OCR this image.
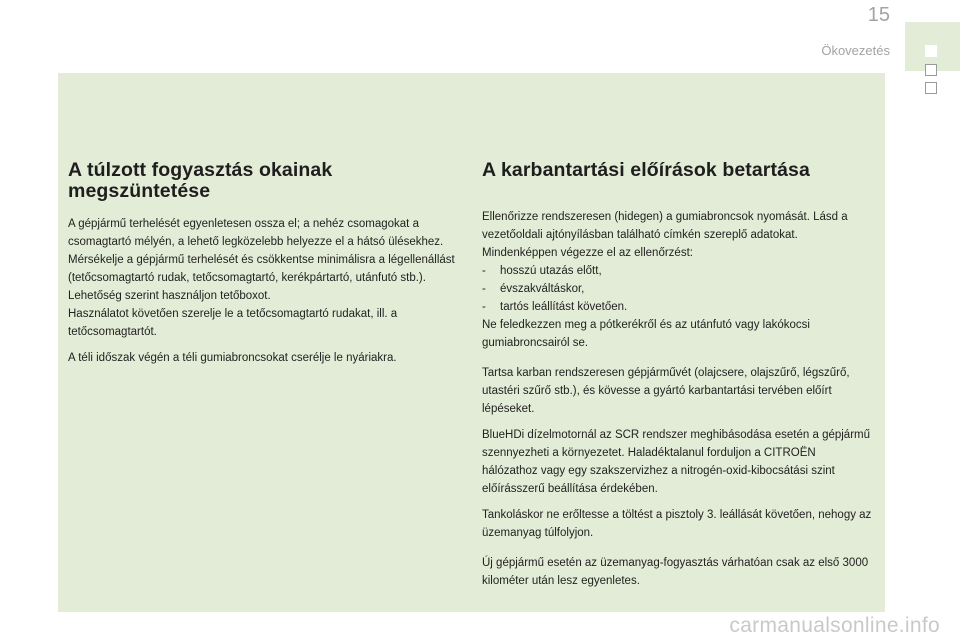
15
Ökovezetés
A túlzott fogyasztás okainak megszüntetése

A gépjármű terhelését egyenletesen ossza el; a nehéz csomagokat a csomagtartó mélyén, a lehető legközelebb helyezze el a hátsó ülésekhez.

Mérsékelje a gépjármű terhelését és csökkentse minimálisra a légellenállást (tetőcsomagtartó rudak, tetőcsomagtartó, kerékpártartó, utánfutó stb.). Lehetőség szerint használjon tetőboxot.

Használatot követően szerelje le a tetőcsomagtartó rudakat, ill. a tetőcsomagtartót.

A téli időszak végén a téli gumiabroncsokat cserélje le nyáriakra.

A karbantartási előírások betartása

Ellenőrizze rendszeresen (hidegen) a gumiabroncsok nyomását. Lásd a vezetőoldali ajtónyílásban található címkén szereplő adatokat.

Mindenképpen végezze el az ellenőrzést:

- hosszú utazás előtt,
- évszakváltáskor,
- tartós leállítást követően.

Ne feledkezzen meg a pótkerékről és az utánfutó vagy lakókocsi gumiabroncsairól se.

Tartsa karban rendszeresen gépjárművét (olajcsere, olajszűrő, légszűrő, utastéri szűrő stb.), és kövesse a gyártó karbantartási tervében előírt lépéseket.

BlueHDi dízelmotornál az SCR rendszer meghibásodása esetén a gépjármű szennyezheti a környezetet. Haladéktalanul forduljon a CITROËN hálózathoz vagy egy szakszervizhez a nitrogén-oxid-kibocsátási szint előírásszerű beállítása érdekében.

Tankoláskor ne erőltesse a töltést a pisztoly 3. leállását követően, nehogy az üzemanyag túlfolyjon.

Új gépjármű esetén az üzemanyag-fogyasztás várhatóan csak az első 3000 kilométer után lesz egyenletes.

carmanualsonline.info
